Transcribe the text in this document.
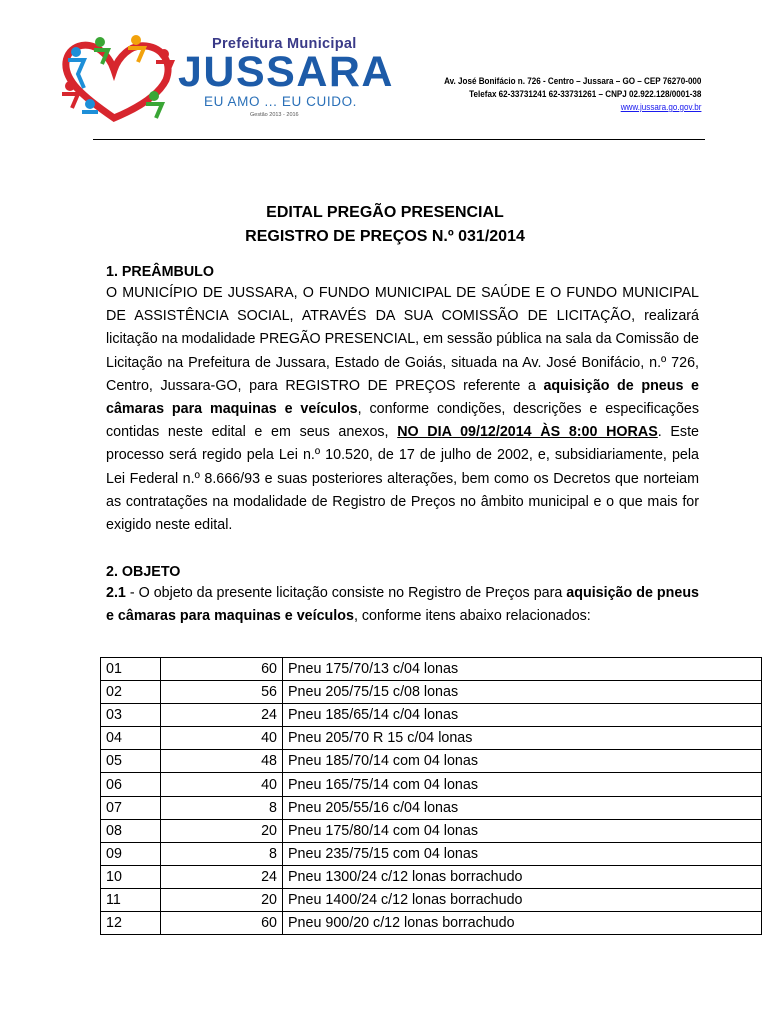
Prefeitura Municipal
JUSSARA
EU AMO ... EU CUIDO.
Gestão 2013 - 2016
Av. José Bonifácio n. 726 - Centro – Jussara – GO – CEP 76270-000
Telefax 62-33731241 62-33731261 – CNPJ 02.922.128/0001-38
www.jussara.go.gov.br
EDITAL PREGÃO PRESENCIAL
REGISTRO DE PREÇOS N.º 031/2014
1. PREÂMBULO

O MUNICÍPIO DE JUSSARA, O FUNDO MUNICIPAL DE SAÚDE E O FUNDO MUNICIPAL DE ASSISTÊNCIA SOCIAL, ATRAVÉS DA SUA COMISSÃO DE LICITAÇÃO, realizará licitação na modalidade PREGÃO PRESENCIAL, em sessão pública na sala da Comissão de Licitação na Prefeitura de Jussara, Estado de Goiás, situada na Av. José Bonifácio, n.º 726, Centro, Jussara-GO, para REGISTRO DE PREÇOS referente a aquisição de pneus e câmaras para maquinas e veículos, conforme condições, descrições e especificações contidas neste edital e em seus anexos, NO DIA 09/12/2014 ÀS 8:00 HORAS. Este processo será regido pela Lei n.º 10.520, de 17 de julho de 2002, e, subsidiariamente, pela Lei Federal n.º 8.666/93 e suas posteriores alterações, bem como os Decretos que norteiam as contratações na modalidade de Registro de Preços no âmbito municipal e o que mais for exigido neste edital.

2. OBJETO

2.1 - O objeto da presente licitação consiste no Registro de Preços para aquisição de pneus e câmaras para maquinas e veículos, conforme itens abaixo relacionados:

01	60	Pneu 175/70/13 c/04 lonas
02	56	Pneu 205/75/15 c/08 lonas
03	24	Pneu 185/65/14 c/04 lonas
04	40	Pneu 205/70 R 15 c/04 lonas
05	48	Pneu 185/70/14 com 04 lonas
06	40	Pneu 165/75/14 com 04 lonas
07	8	Pneu 205/55/16 c/04 lonas
08	20	Pneu 175/80/14 com 04 lonas
09	8	Pneu 235/75/15 com 04 lonas
10	24	Pneu 1300/24 c/12 lonas borrachudo
11	20	Pneu 1400/24 c/12 lonas borrachudo
12	60	Pneu 900/20 c/12 lonas borrachudo
